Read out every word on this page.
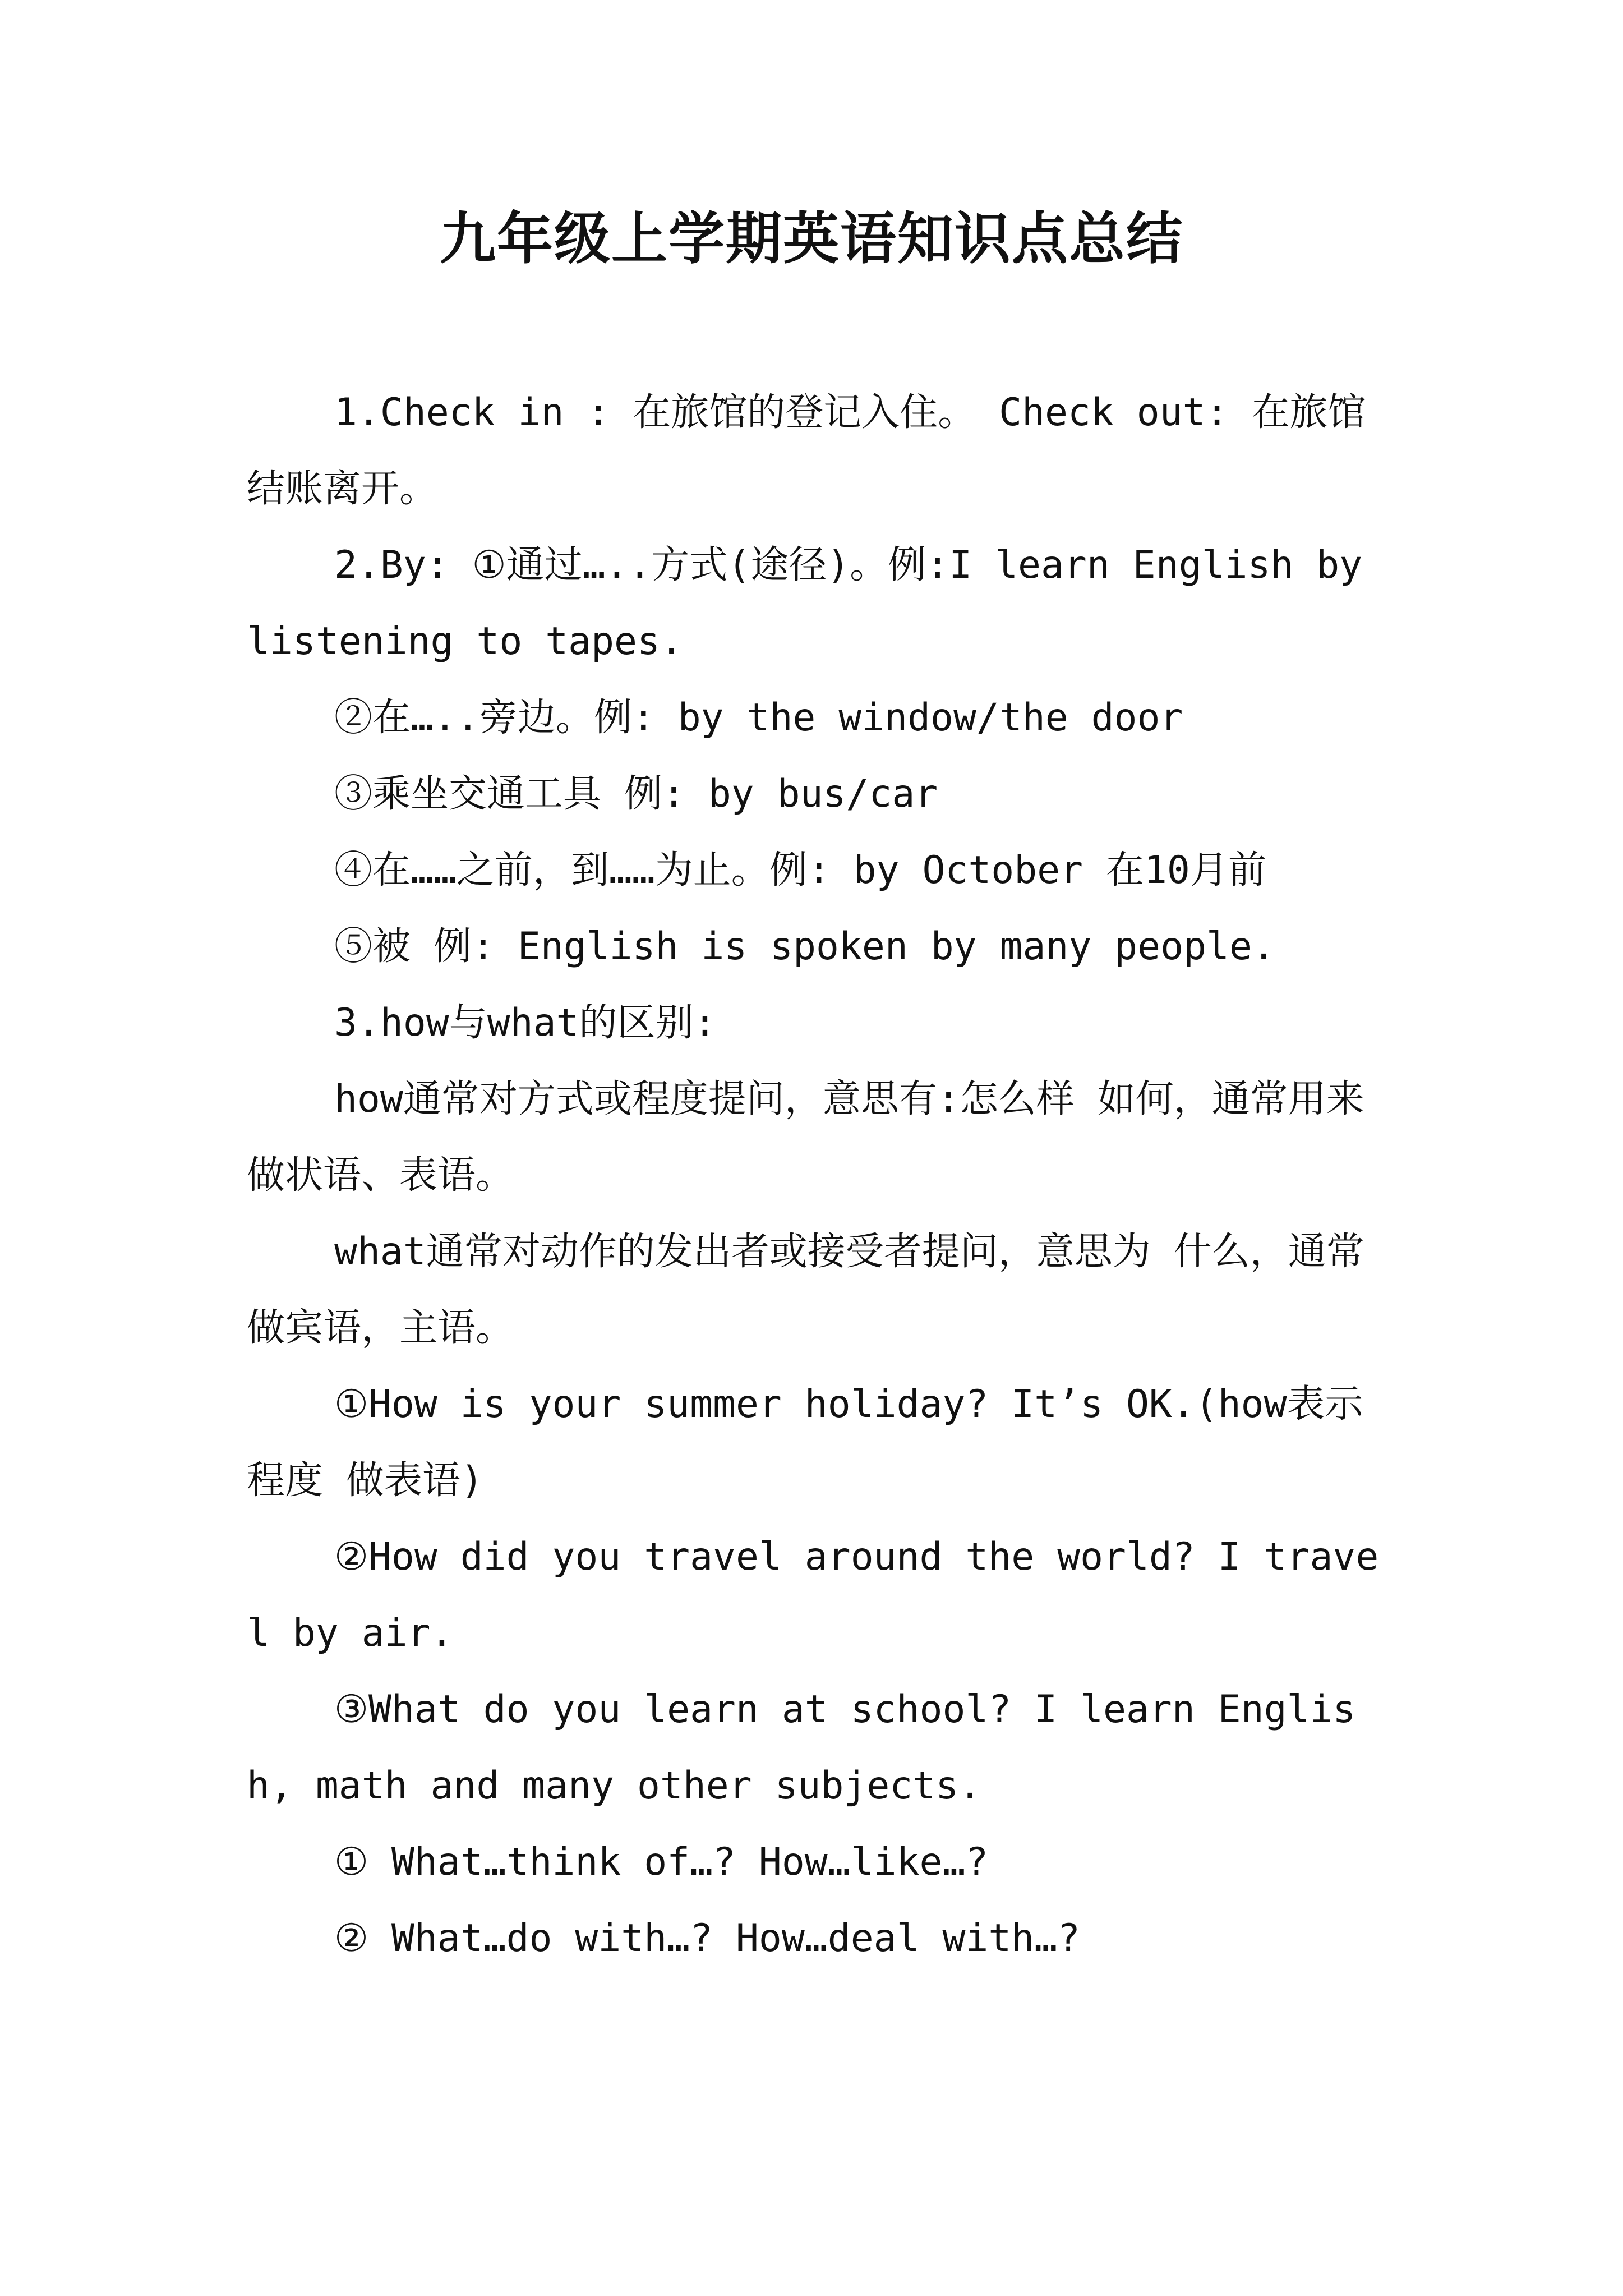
九年级上学期英语知识点总结

1.Check in : 在旅馆的登记入住。 Check out: 在旅馆结账离开。

2.By: ①通过…..方式(途径)。例:I learn English by listening to tapes.

②在…..旁边。例: by the window/the door

③乘坐交通工具 例: by bus/car

④在……之前，到……为止。例: by October 在10月前

⑤被 例: English is spoken by many people.

3.how与what的区别:

how通常对方式或程度提问，意思有:怎么样 如何，通常用来做状语、表语。

what通常对动作的发出者或接受者提问，意思为 什么，通常做宾语，主语。

①How is your summer holiday? It’s OK.(how表示程度 做表语)

②How did you travel around the world? I travel by air.

③What do you learn at school? I learn English, math and many other subjects.

① What…think of…? How…like…?

② What…do with…? How…deal with…?
